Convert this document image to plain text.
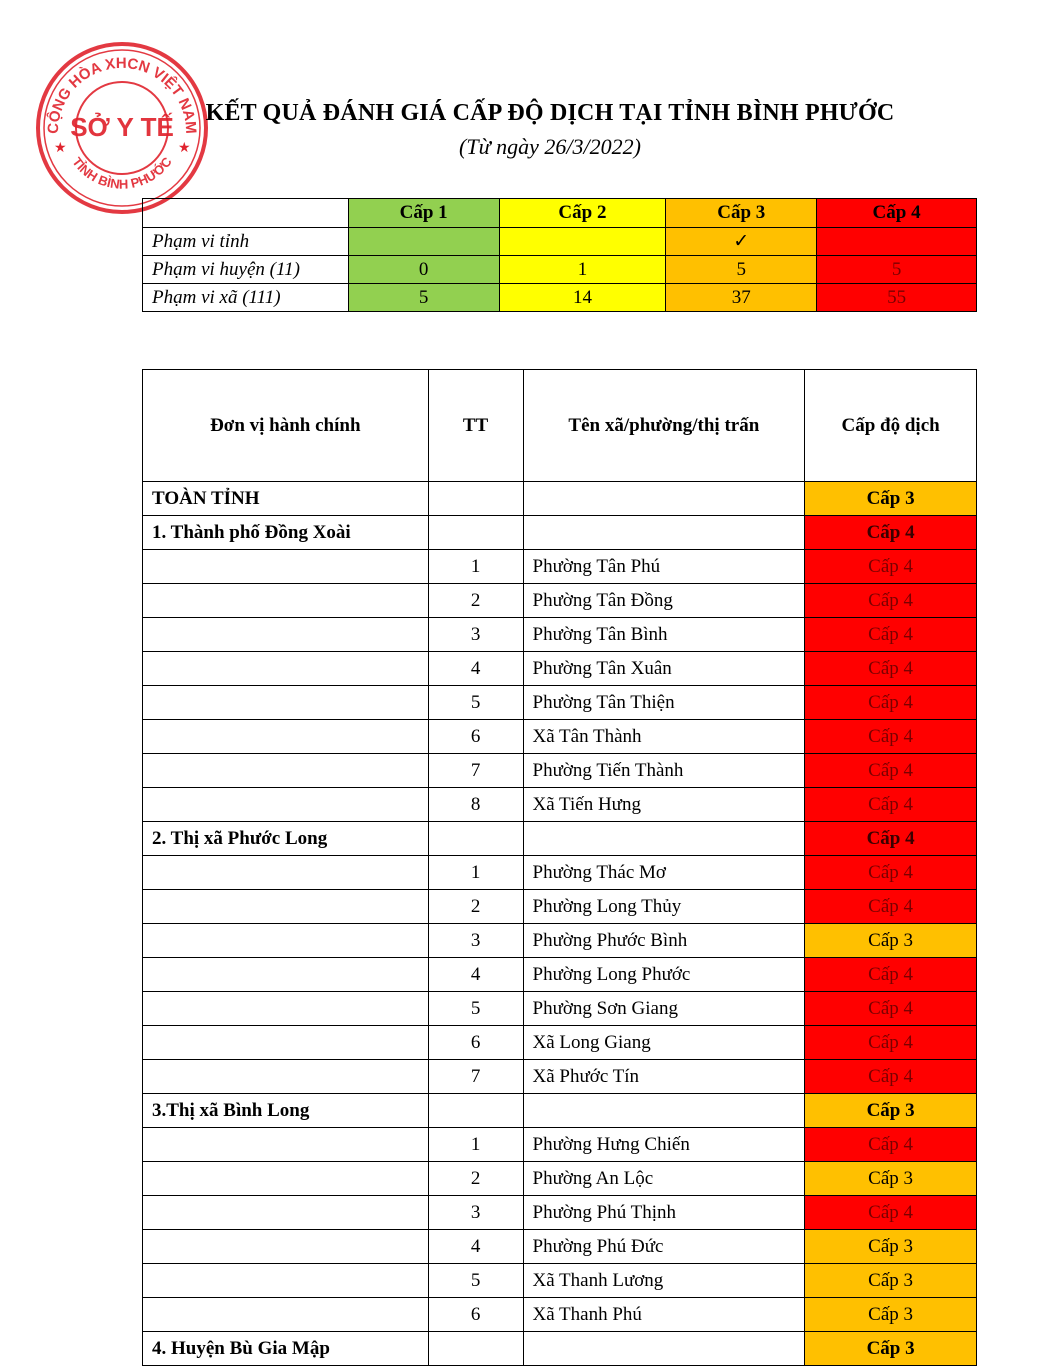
CỘNG HÒA XHCN VIỆT NAM
TỈNH BÌNH PHƯỚC
★	★
SỞ Y TẾ	KẾT QUẢ ĐÁNH GIÁ CẤP ĐỘ DỊCH TẠI TỈNH BÌNH PHƯỚC
(Từ ngày 26/3/2022)
	Cấp 1	Cấp 2	Cấp 3	Cấp 4
Phạm vi tỉnh			✓	
Phạm vi huyện (11)	0	1	5	5
Phạm vi xã (111)	5	14	37	55
Đơn vị hành chính	TT	Tên xã/phường/thị trấn	Cấp độ dịch
TOÀN TỈNH			Cấp 3
1. Thành phố Đồng Xoài			Cấp 4
	1	Phường Tân Phú	Cấp 4
	2	Phường Tân Đồng	Cấp 4
	3	Phường Tân Bình	Cấp 4
	4	Phường Tân Xuân	Cấp 4
	5	Phường Tân Thiện	Cấp 4
	6	Xã Tân Thành	Cấp 4
	7	Phường Tiến Thành	Cấp 4
	8	Xã Tiến Hưng	Cấp 4
2. Thị xã Phước Long			Cấp 4
	1	Phường Thác Mơ	Cấp 4
	2	Phường Long Thủy	Cấp 4
	3	Phường Phước Bình	Cấp 3
	4	Phường Long Phước	Cấp 4
	5	Phường Sơn Giang	Cấp 4
	6	Xã Long Giang	Cấp 4
	7	Xã Phước Tín	Cấp 4
3.Thị xã Bình Long			Cấp 3
	1	Phường Hưng Chiến	Cấp 4
	2	Phường An Lộc	Cấp 3
	3	Phường Phú Thịnh	Cấp 4
	4	Phường Phú Đức	Cấp 3
	5	Xã Thanh Lương	Cấp 3
	6	Xã Thanh Phú	Cấp 3
4. Huyện Bù Gia Mập			Cấp 3
